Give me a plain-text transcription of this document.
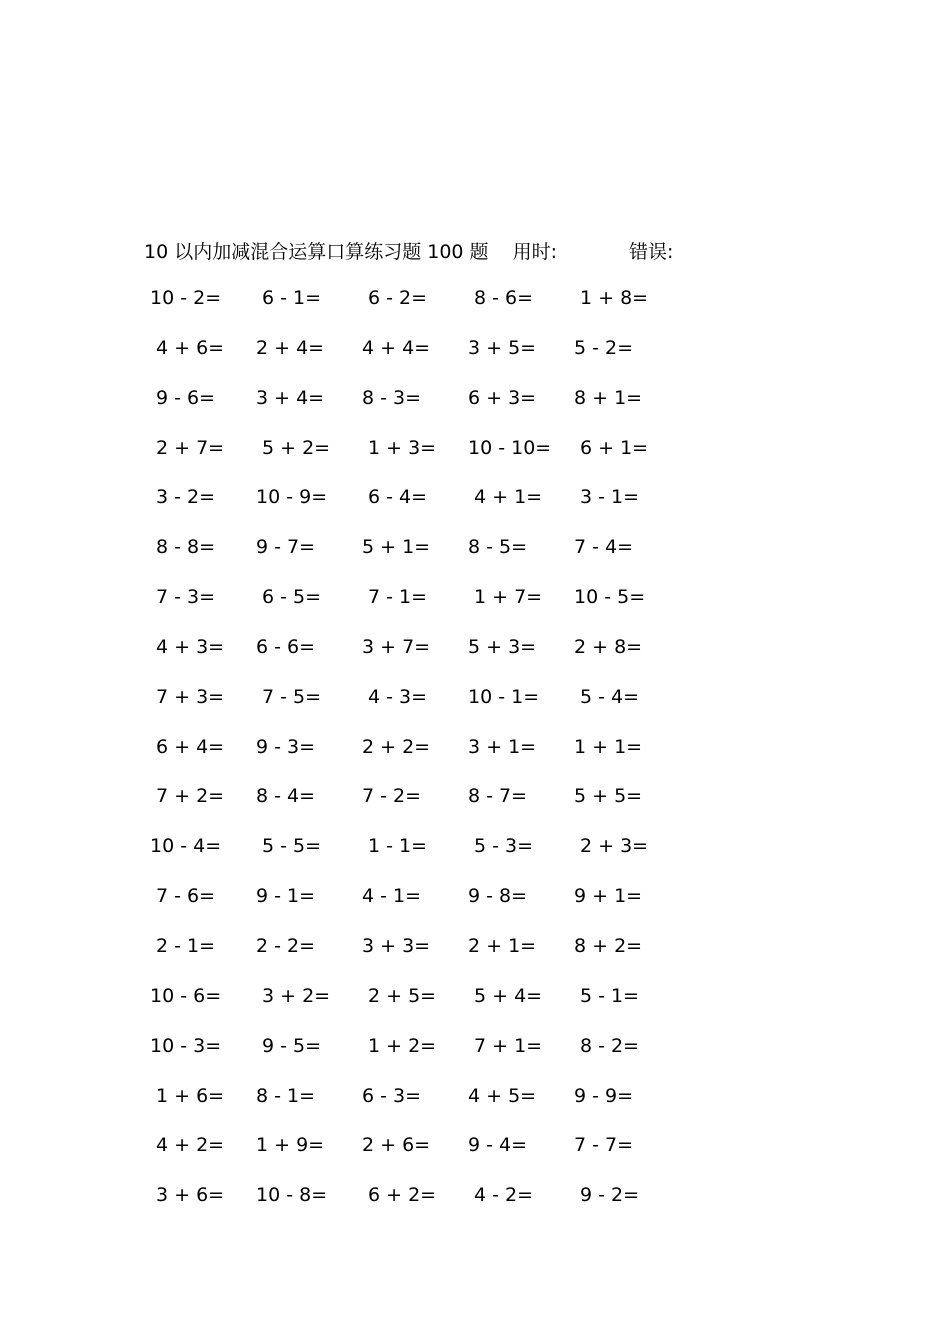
10 以内加减混合运算口算练习题 100 题 用时:	错误:
10 - 2= 6 - 1= 6 - 2= 8 - 6= 1 + 8=
4 + 6= 2 + 4= 4 + 4= 3 + 5= 5 - 2=
9 - 6= 3 + 4= 8 - 3= 6 + 3= 8 + 1=
2 + 7= 5 + 2= 1 + 3= 10 - 10= 6 + 1=
3 - 2= 10 - 9= 6 - 4= 4 + 1= 3 - 1=
8 - 8= 9 - 7= 5 + 1= 8 - 5= 7 - 4=
7 - 3= 6 - 5= 7 - 1= 1 + 7= 10 - 5=
4 + 3= 6 - 6= 3 + 7= 5 + 3= 2 + 8=
7 + 3= 7 - 5= 4 - 3= 10 - 1= 5 - 4=
6 + 4= 9 - 3= 2 + 2= 3 + 1= 1 + 1=
7 + 2= 8 - 4= 7 - 2= 8 - 7= 5 + 5=
10 - 4= 5 - 5= 1 - 1= 5 - 3= 2 + 3=
7 - 6= 9 - 1= 4 - 1= 9 - 8= 9 + 1=
2 - 1= 2 - 2= 3 + 3= 2 + 1= 8 + 2=
10 - 6= 3 + 2= 2 + 5= 5 + 4= 5 - 1=
10 - 3= 9 - 5= 1 + 2= 7 + 1= 8 - 2=
1 + 6= 8 - 1= 6 - 3= 4 + 5= 9 - 9=
4 + 2= 1 + 9= 2 + 6= 9 - 4= 7 - 7=
3 + 6= 10 - 8= 6 + 2= 4 - 2= 9 - 2=
